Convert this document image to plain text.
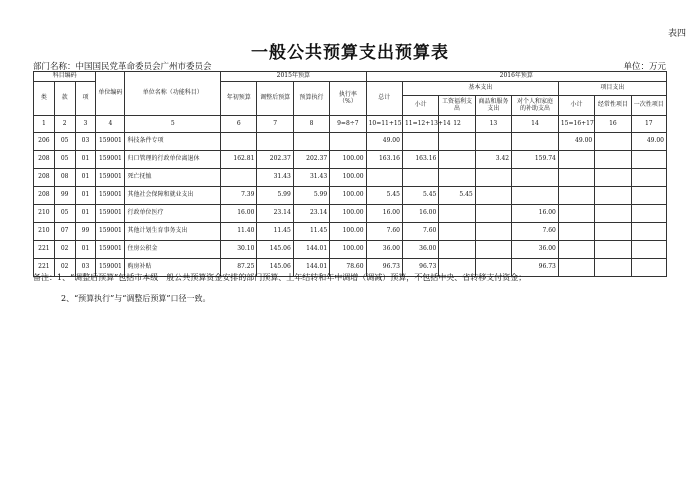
表四
一般公共预算支出预算表
部门名称：中国国民党革命委员会广州市委员会	单位：万元
科目编码			单位编码	单位名称（功能科目）	2015年预算				2016年预算							
类	款	项			年初预算	调整后预算	预算执行	执行率（%）	总计	基本支出				项目支出		
										小计	工资福利支出	商品和服务支出	对个人和家庭的补助支出	小计	经常性项目	一次性项目
1	2	3	4	5	6	7	8	9=8÷7	10=11+15	11=12+13+14	12	13	14	15=16+17	16	17
206	05	03	159001	科技条件专项					49.00					49.00		49.00
208	05	01	159001	归口管理的行政单位离退休	162.81	202.37	202.37	100.00	163.16	163.16		3.42	159.74			
208	08	01	159001	死亡抚恤		31.43	31.43	100.00								
208	99	01	159001	其他社会保障和就业支出	7.39	5.99	5.99	100.00	5.45	5.45	5.45					
210	05	01	159001	行政单位医疗	16.00	23.14	23.14	100.00	16.00	16.00			16.00			
210	07	99	159001	其他计划生育事务支出	11.40	11.45	11.45	100.00	7.60	7.60			7.60			
221	02	01	159001	住房公积金	30.10	145.06	144.01	100.00	36.00	36.00			36.00			
221	02	03	159001	购房补贴	87.25	145.06	144.01	78.60	96.73	96.73			96.73			
备注：1、“调整后预算”包括市本级一般公共预算资金安排的部门预算、上年结转和年中调增（调减）预算，不包括中央、省转移支付资金；
2、“预算执行”与“调整后预算”口径一致。
